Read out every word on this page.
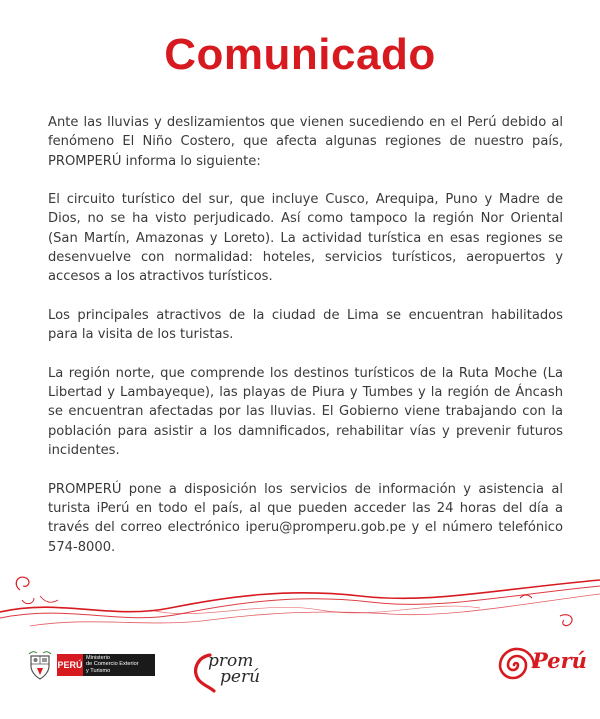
Comunicado

Ante las lluvias y deslizamientos que vienen sucediendo en el Perú debido al fenómeno El Niño Costero, que afecta algunas regiones de nuestro país, PROMPERÚ informa lo siguiente:

El circuito turístico del sur, que incluye Cusco, Arequipa, Puno y Madre de Dios, no se ha visto perjudicado. Así como tampoco la región Nor Oriental (San Martín, Amazonas y Loreto). La actividad turística en esas regiones se desenvuelve con normalidad: hoteles, servicios turísticos, aeropuertos y accesos a los atractivos turísticos.

Los principales atractivos de la ciudad de Lima se encuentran habilitados para la visita de los turistas.

La región norte, que comprende los destinos turísticos de la Ruta Moche (La Libertad y Lambayeque), las playas de Piura y Tumbes y la región de Áncash se encuentran afectadas por las lluvias. El Gobierno viene trabajando con la población para asistir a los damnificados, rehabilitar vías y prevenir futuros incidentes.

PROMPERÚ pone a disposición los servicios de información y asistencia al turista iPerú en todo el país, al que pueden acceder las 24 horas del día a través del correo electrónico iperu@promperu.gob.pe y el número telefónico 574-8000.

PERÚ
Ministerio
de Comercio Exterior
y Turismo	prom
perú
Perú
